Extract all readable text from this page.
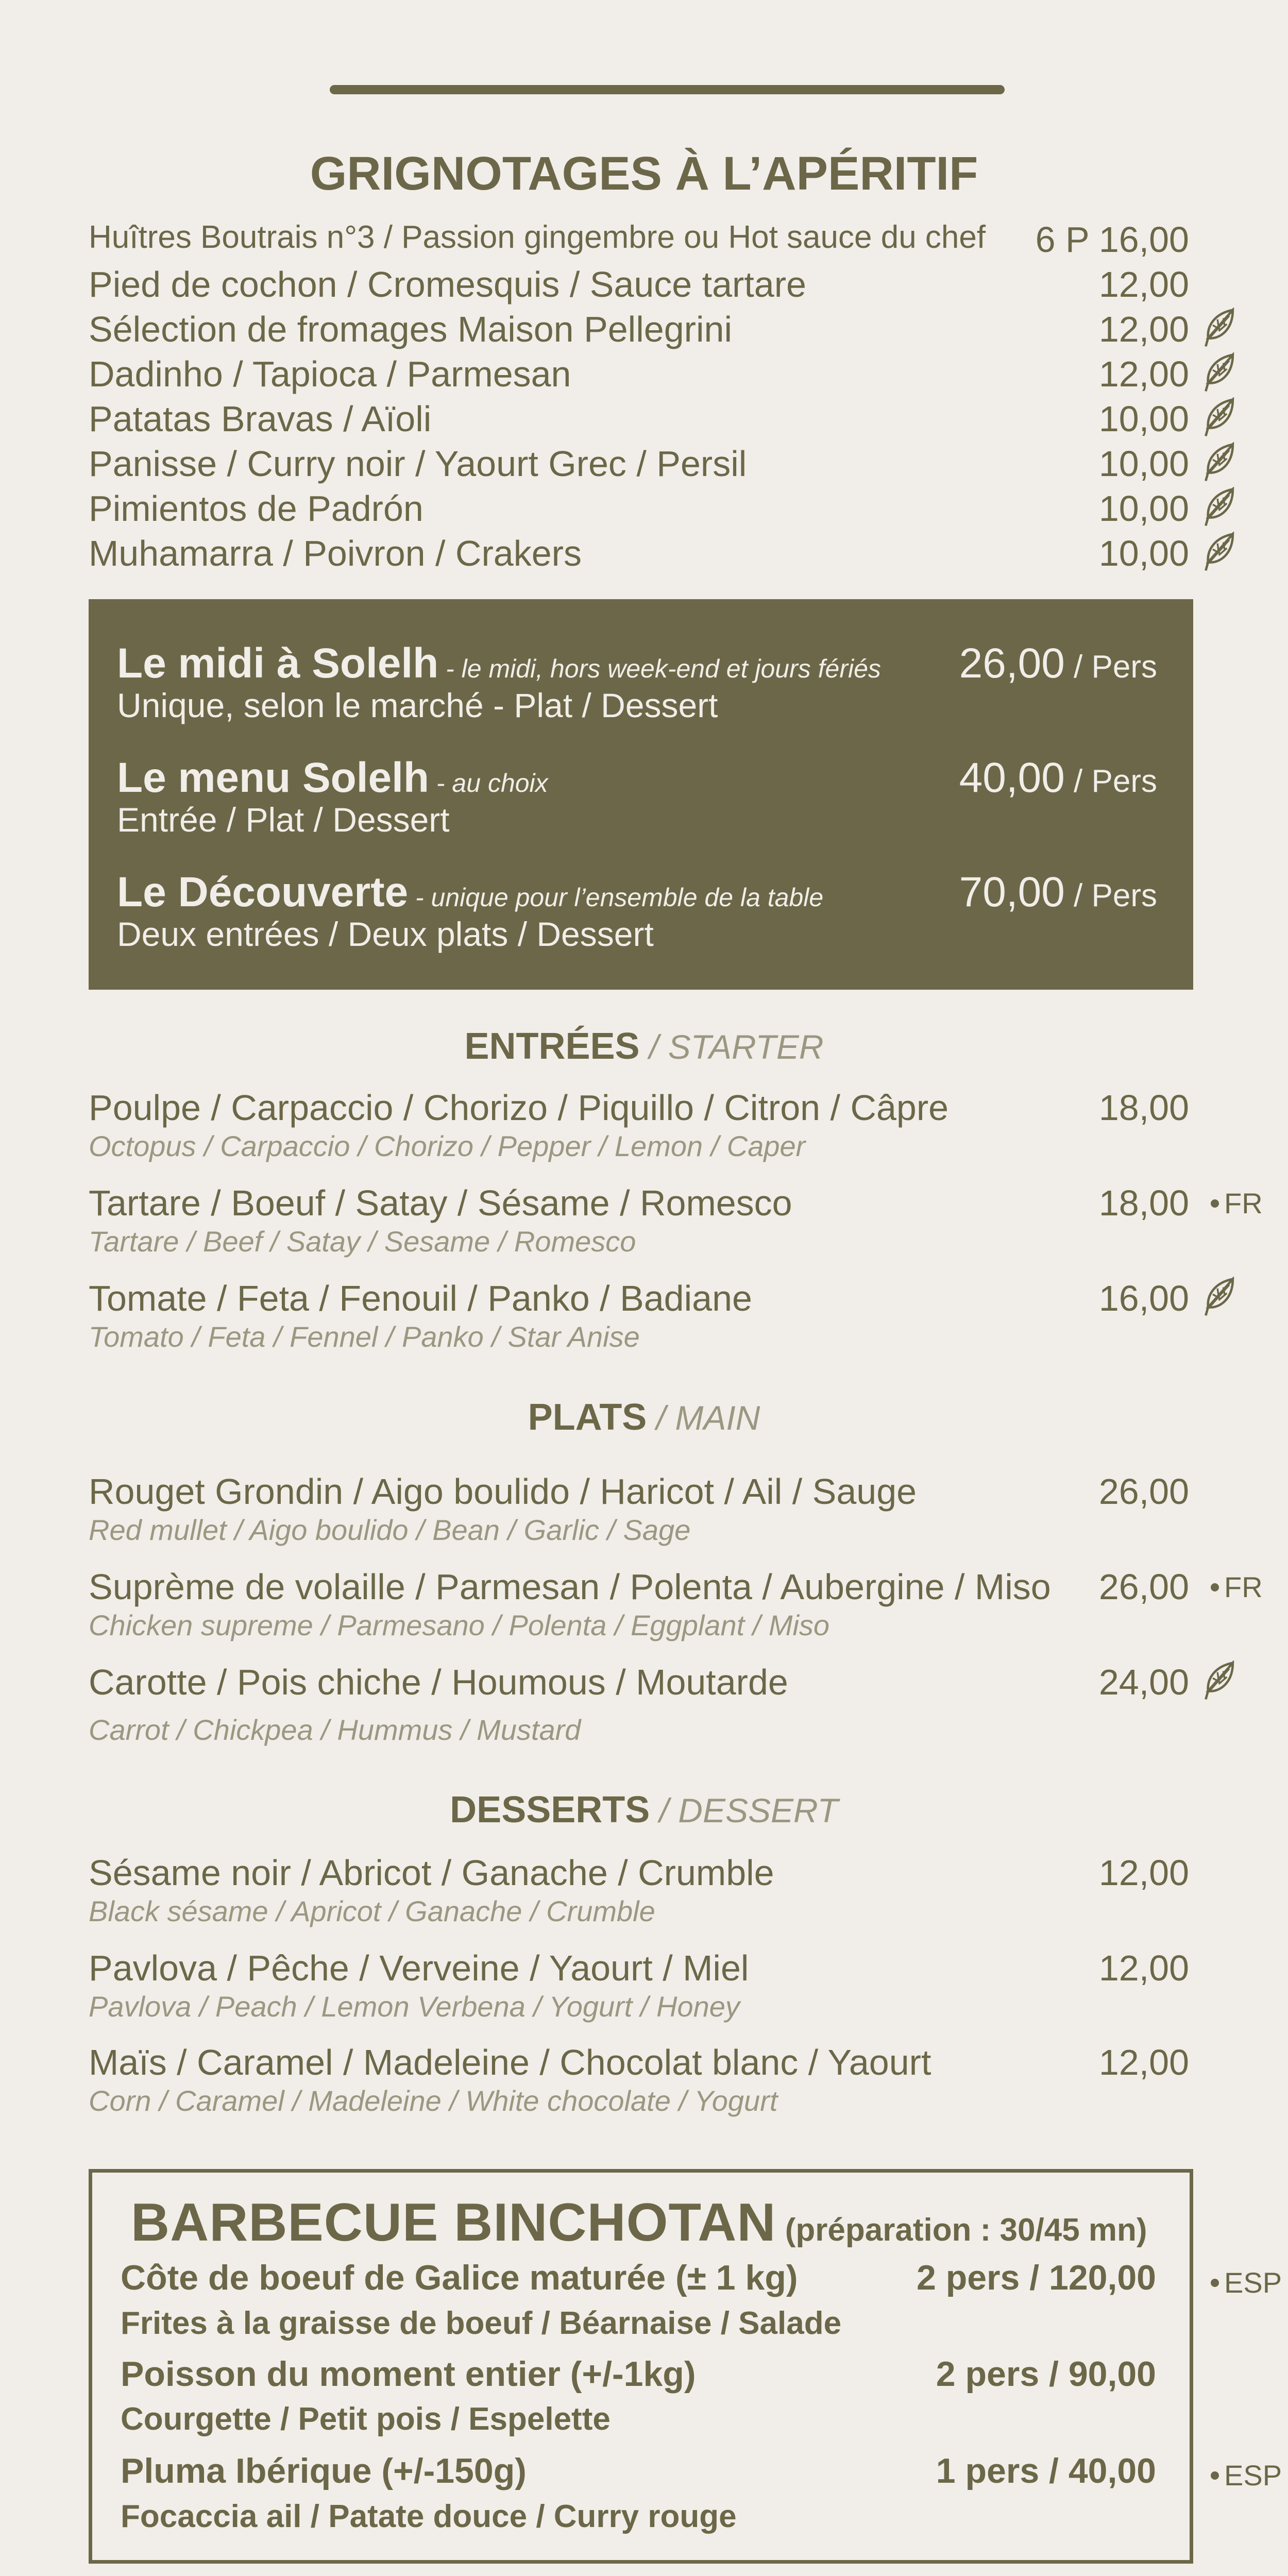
GRIGNOTAGES À L’APÉRITIF
Huîtres Boutrais n°3 / Passion gingembre ou Hot sauce du chef 6 P 16,00
Pied de cochon / Cromesquis / Sauce tartare	12,00
Sélection de fromages Maison Pellegrini	12,00
Dadinho / Tapioca / Parmesan	12,00
Patatas Bravas / Aïoli	10,00
Panisse / Curry noir / Yaourt Grec / Persil	10,00
Pimientos de Padrón	10,00
Muhamarra / Poivron / Crakers	10,00
Le midi à Solelh - le midi, hors week-end et jours fériés 26,00 / Pers
Unique, selon le marché - Plat / Dessert
Le menu Solelh - au choix	40,00 / Pers
Entrée / Plat / Dessert
Le Découverte - unique pour l’ensemble de la table	70,00 / Pers
Deux entrées / Deux plats / Dessert
ENTRÉES / STARTER
Poulpe / Carpaccio / Chorizo / Piquillo / Citron / Câpre	18,00
Octopus / Carpaccio / Chorizo / Pepper / Lemon / Caper
Tartare / Boeuf / Satay / Sésame / Romesco	18,00
Tartare / Beef / Satay / Sesame / Romesco
Tomate / Feta / Fenouil / Panko / Badiane	16,00
Tomato / Feta / Fennel / Panko / Star Anise
PLATS / MAIN
Rouget Grondin / Aigo boulido / Haricot / Ail / Sauge	26,00
Red mullet / Aigo boulido / Bean / Garlic / Sage
Suprème de volaille / Parmesan / Polenta / Aubergine / Miso 26,00
Chicken supreme / Parmesano / Polenta / Eggplant / Miso
Carotte / Pois chiche / Houmous / Moutarde	24,00
Carrot / Chickpea / Hummus / Mustard
DESSERTS / DESSERT
Sésame noir / Abricot / Ganache / Crumble	12,00
Black sésame / Apricot / Ganache / Crumble
Pavlova / Pêche / Verveine / Yaourt / Miel	12,00
Pavlova / Peach / Lemon Verbena / Yogurt / Honey
Maïs / Caramel / Madeleine / Chocolat blanc / Yaourt	12,00
Corn / Caramel / Madeleine / White chocolate / Yogurt
BARBECUE BINCHOTAN (préparation : 30/45 mn)
Côte de boeuf de Galice maturée (± 1 kg)	2 pers / 120,00
Frites à la graisse de boeuf / Béarnaise / Salade
Poisson du moment entier (+/-1kg)	2 pers / 90,00
Courgette / Petit pois / Espelette
Pluma Ibérique (+/-150g)	1 pers / 40,00
Focaccia ail / Patate douce / Curry rouge
ESP
ESP
FR
FR
